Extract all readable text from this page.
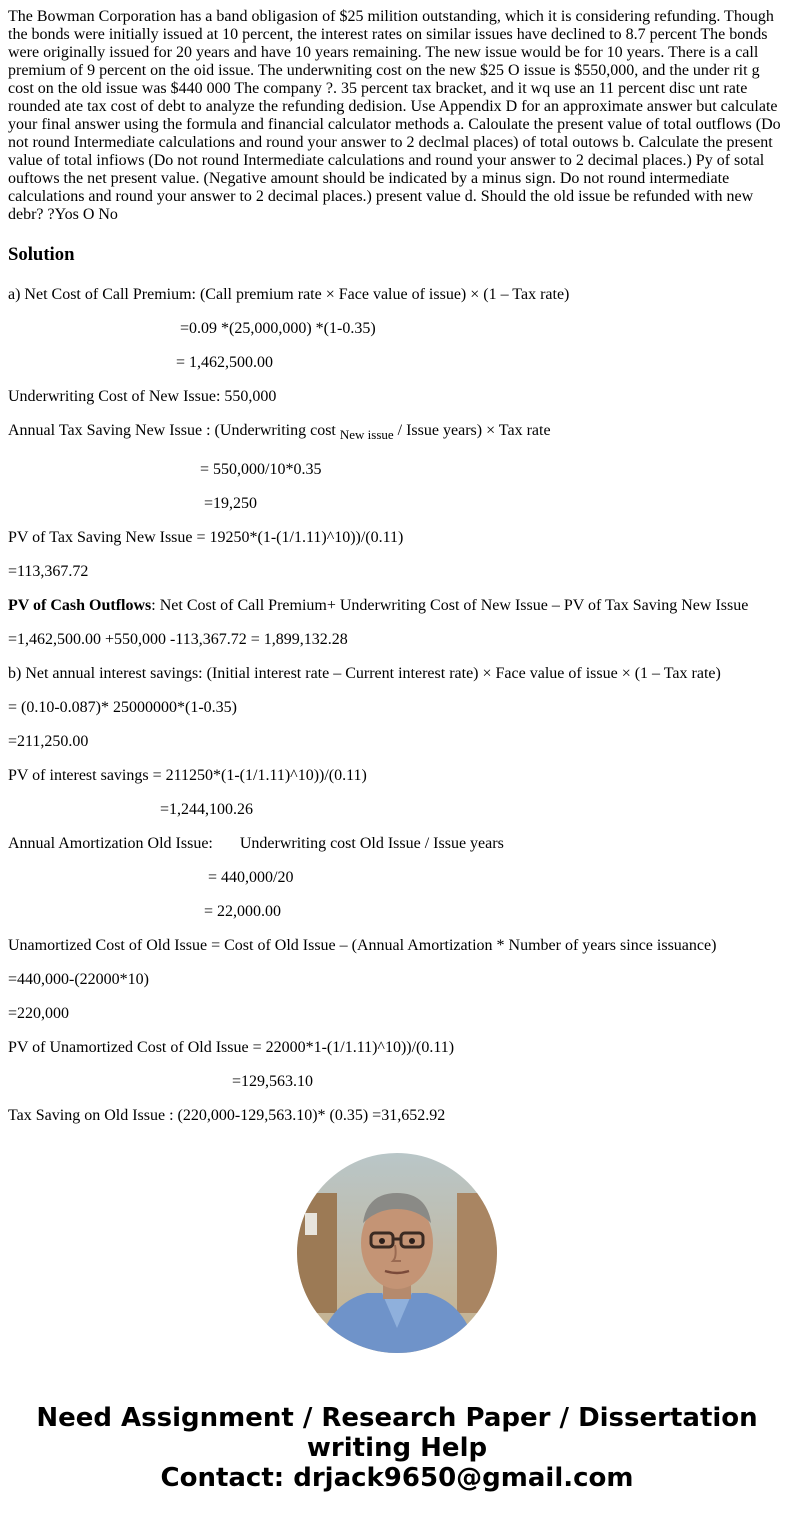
The Bowman Corporation has a band obligasion of $25 milition outstanding, which it is considering refunding. Though the bonds were initially issued at 10 percent, the interest rates on similar issues have declined to 8.7 percent The bonds were originally issued for 20 years and have 10 years remaining. The new issue would be for 10 years. There is a call premium of 9 percent on the oid issue. The underwniting cost on the new $25 O issue is $550,000, and the under rit g cost on the old issue was $440 000 The company ?. 35 percent tax bracket, and it wq use an 11 percent disc unt rate rounded ate tax cost of debt to analyze the refunding dedision. Use Appendix D for an approximate answer but calculate your final answer using the formula and financial calculator methods a. Caloulate the present value of total outflows (Do not round Intermediate calculations and round your answer to 2 declmal places) of total outows b. Calculate the present value of total infiows (Do not round Intermediate calculations and round your answer to 2 decimal places.) Py of sotal ouftows the net present value. (Negative amount should be indicated by a minus sign. Do not round intermediate calculations and round your answer to 2 decimal places.) present value d. Should the old issue be refunded with new debr? ?Yos O No

Solution

a) Net Cost of Call Premium: (Call premium rate × Face value of issue) × (1 – Tax rate)

=0.09 *(25,000,000) *(1-0.35)

= 1,462,500.00

Underwriting Cost of New Issue: 550,000

Annual Tax Saving New Issue : (Underwriting cost $_{New issue}$ / Issue years) × Tax rate

= 550,000/10*0.35

=19,250

PV of Tax Saving New Issue = 19250*(1-(1/1.11)^10))/(0.11)

=113,367.72

PV of Cash Outflows: Net Cost of Call Premium+ Underwriting Cost of New Issue – PV of Tax Saving New Issue

=1,462,500.00 +550,000 -113,367.72 = 1,899,132.28

b) Net annual interest savings: (Initial interest rate – Current interest rate) × Face value of issue × (1 – Tax rate)

= (0.10-0.087)* 25000000*(1-0.35)

=211,250.00

PV of interest savings = 211250*(1-(1/1.11)^10))/(0.11)

=1,244,100.26

Annual Amortization Old Issue: Underwriting cost Old Issue / Issue years

= 440,000/20

= 22,000.00

Unamortized Cost of Old Issue = Cost of Old Issue – (Annual Amortization * Number of years since issuance)

=440,000-(22000*10)

=220,000

PV of Unamortized Cost of Old Issue = 22000*1-(1/1.11)^10))/(0.11)

=129,563.10

Tax Saving on Old Issue : (220,000-129,563.10)* (0.35) =31,652.92

Need Assignment / Research Paper / Dissertation
writing Help
Contact: drjack9650@gmail.com
